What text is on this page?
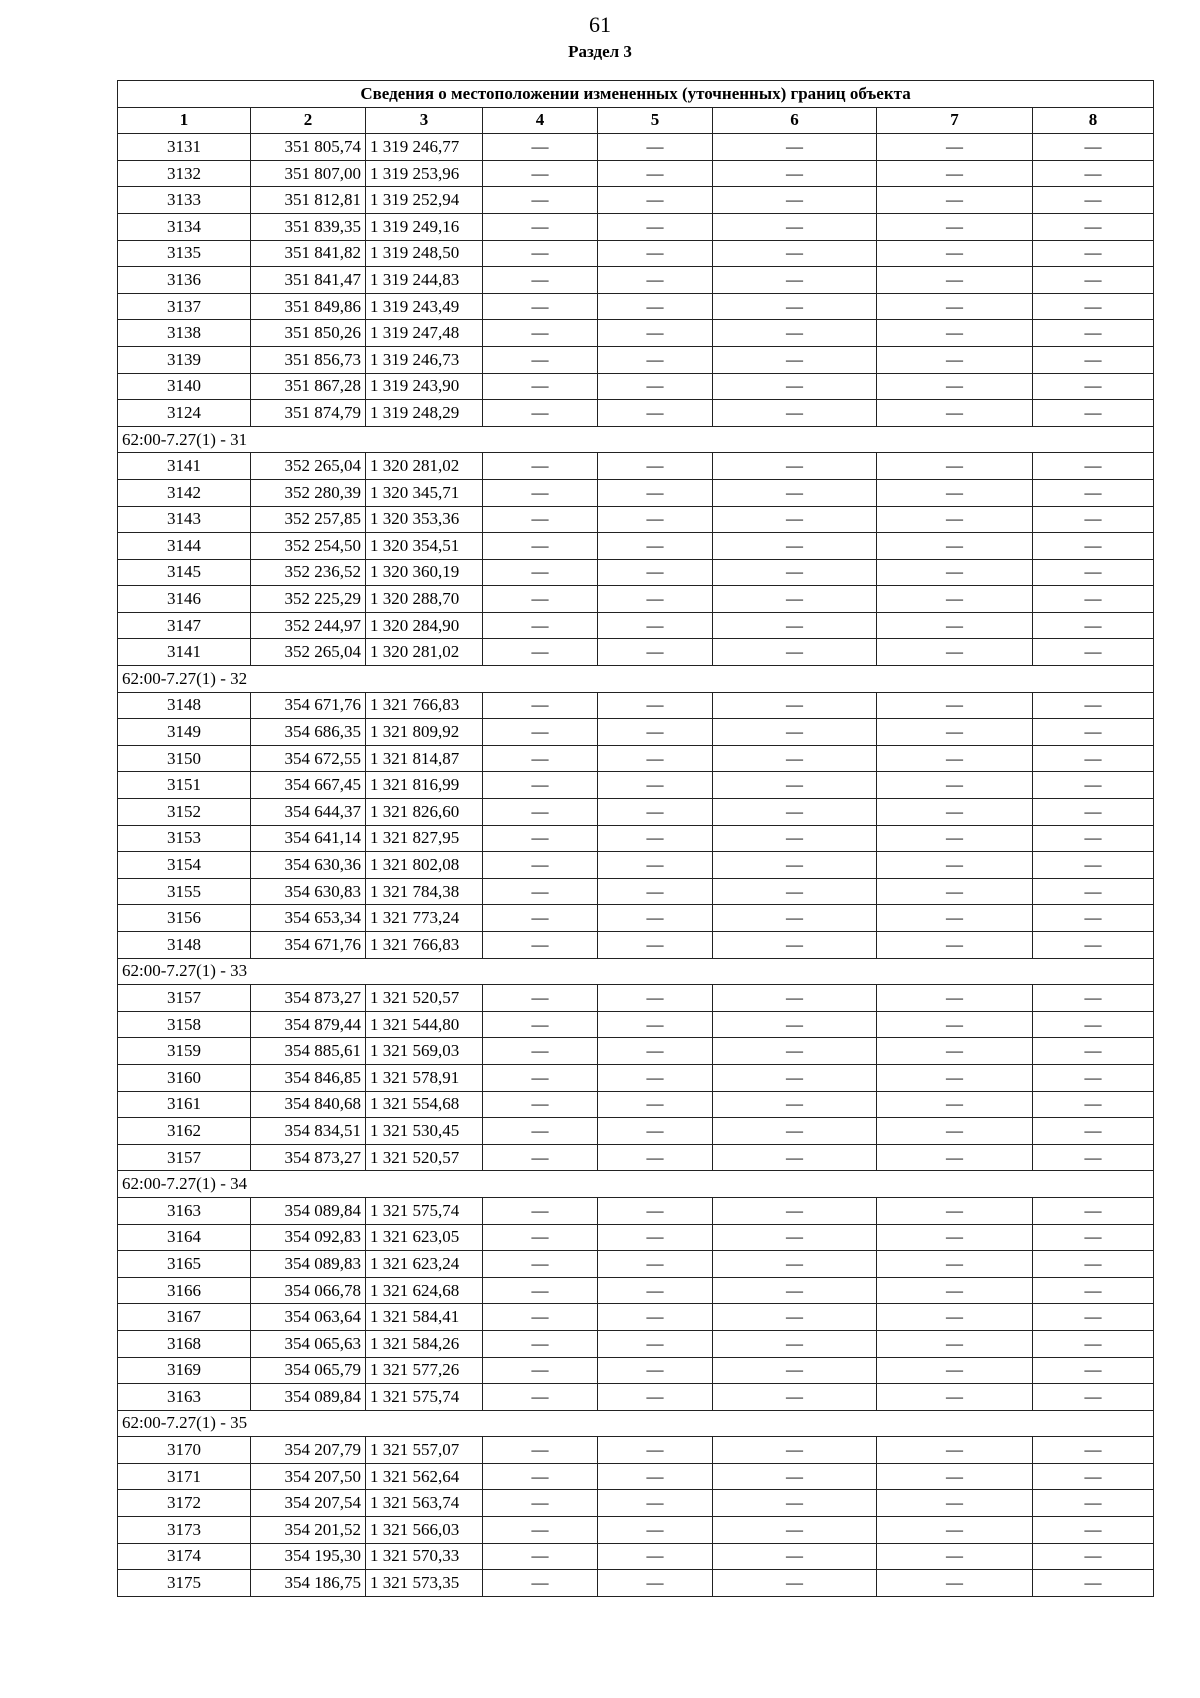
61
Раздел 3
Сведения о местоположении измененных (уточненных) границ объекта							
1	2	3	4	5	6	7	8
3131	351 805,74	1 319 246,77	—	—	—	—	—
3132	351 807,00	1 319 253,96	—	—	—	—	—
3133	351 812,81	1 319 252,94	—	—	—	—	—
3134	351 839,35	1 319 249,16	—	—	—	—	—
3135	351 841,82	1 319 248,50	—	—	—	—	—
3136	351 841,47	1 319 244,83	—	—	—	—	—
3137	351 849,86	1 319 243,49	—	—	—	—	—
3138	351 850,26	1 319 247,48	—	—	—	—	—
3139	351 856,73	1 319 246,73	—	—	—	—	—
3140	351 867,28	1 319 243,90	—	—	—	—	—
3124	351 874,79	1 319 248,29	—	—	—	—	—
62:00-7.27(1) - 31							
3141	352 265,04	1 320 281,02	—	—	—	—	—
3142	352 280,39	1 320 345,71	—	—	—	—	—
3143	352 257,85	1 320 353,36	—	—	—	—	—
3144	352 254,50	1 320 354,51	—	—	—	—	—
3145	352 236,52	1 320 360,19	—	—	—	—	—
3146	352 225,29	1 320 288,70	—	—	—	—	—
3147	352 244,97	1 320 284,90	—	—	—	—	—
3141	352 265,04	1 320 281,02	—	—	—	—	—
62:00-7.27(1) - 32							
3148	354 671,76	1 321 766,83	—	—	—	—	—
3149	354 686,35	1 321 809,92	—	—	—	—	—
3150	354 672,55	1 321 814,87	—	—	—	—	—
3151	354 667,45	1 321 816,99	—	—	—	—	—
3152	354 644,37	1 321 826,60	—	—	—	—	—
3153	354 641,14	1 321 827,95	—	—	—	—	—
3154	354 630,36	1 321 802,08	—	—	—	—	—
3155	354 630,83	1 321 784,38	—	—	—	—	—
3156	354 653,34	1 321 773,24	—	—	—	—	—
3148	354 671,76	1 321 766,83	—	—	—	—	—
62:00-7.27(1) - 33							
3157	354 873,27	1 321 520,57	—	—	—	—	—
3158	354 879,44	1 321 544,80	—	—	—	—	—
3159	354 885,61	1 321 569,03	—	—	—	—	—
3160	354 846,85	1 321 578,91	—	—	—	—	—
3161	354 840,68	1 321 554,68	—	—	—	—	—
3162	354 834,51	1 321 530,45	—	—	—	—	—
3157	354 873,27	1 321 520,57	—	—	—	—	—
62:00-7.27(1) - 34							
3163	354 089,84	1 321 575,74	—	—	—	—	—
3164	354 092,83	1 321 623,05	—	—	—	—	—
3165	354 089,83	1 321 623,24	—	—	—	—	—
3166	354 066,78	1 321 624,68	—	—	—	—	—
3167	354 063,64	1 321 584,41	—	—	—	—	—
3168	354 065,63	1 321 584,26	—	—	—	—	—
3169	354 065,79	1 321 577,26	—	—	—	—	—
3163	354 089,84	1 321 575,74	—	—	—	—	—
62:00-7.27(1) - 35							
3170	354 207,79	1 321 557,07	—	—	—	—	—
3171	354 207,50	1 321 562,64	—	—	—	—	—
3172	354 207,54	1 321 563,74	—	—	—	—	—
3173	354 201,52	1 321 566,03	—	—	—	—	—
3174	354 195,30	1 321 570,33	—	—	—	—	—
3175	354 186,75	1 321 573,35	—	—	—	—	—
